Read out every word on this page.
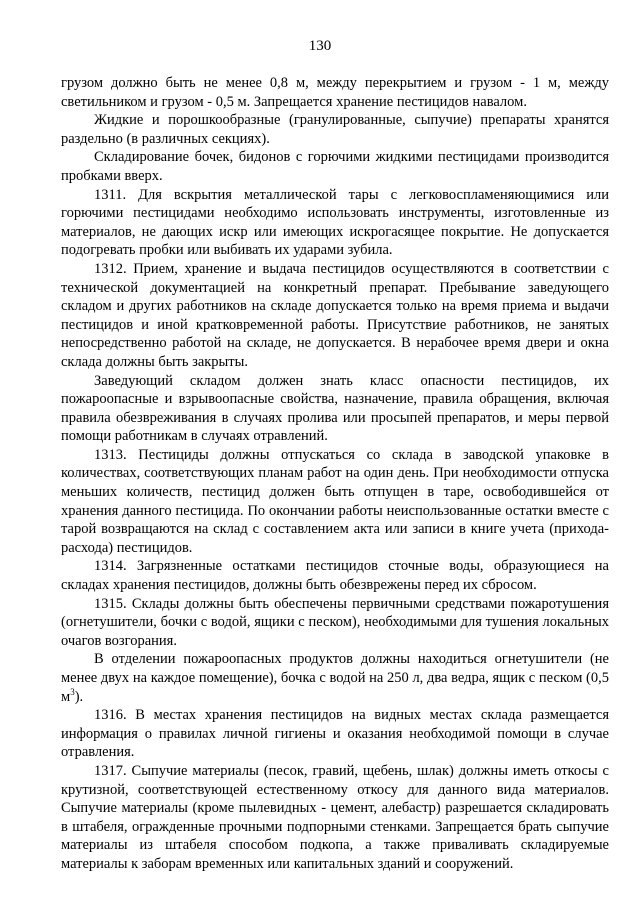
130

грузом должно быть не менее 0,8 м, между перекрытием и грузом - 1 м, между светильником и грузом - 0,5 м. Запрещается хранение пестицидов навалом.

Жидкие и порошкообразные (гранулированные, сыпучие) препараты хранятся раздельно (в различных секциях).

Складирование бочек, бидонов с горючими жидкими пестицидами производится пробками вверх.

1311. Для вскрытия металлической тары с легковоспламеняющимися или горючими пестицидами необходимо использовать инструменты, изготовленные из материалов, не дающих искр или имеющих искрогасящее покрытие. Не допускается подогревать пробки или выбивать их ударами зубила.

1312. Прием, хранение и выдача пестицидов осуществляются в соответствии с технической документацией на конкретный препарат. Пребывание заведующего складом и других работников на складе допускается только на время приема и выдачи пестицидов и иной кратковременной работы. Присутствие работников, не занятых непосредственно работой на складе, не допускается. В нерабочее время двери и окна склада должны быть закрыты.

Заведующий складом должен знать класс опасности пестицидов, их пожароопасные и взрывоопасные свойства, назначение, правила обращения, включая правила обезвреживания в случаях пролива или просыпей препаратов, и меры первой помощи работникам в случаях отравлений.

1313. Пестициды должны отпускаться со склада в заводской упаковке в количествах, соответствующих планам работ на один день. При необходимости отпуска меньших количеств, пестицид должен быть отпущен в таре, освободившейся от хранения данного пестицида. По окончании работы неиспользованные остатки вместе с тарой возвращаются на склад с составлением акта или записи в книге учета (прихода-расхода) пестицидов.

1314. Загрязненные остатками пестицидов сточные воды, образующиеся на складах хранения пестицидов, должны быть обезврежены перед их сбросом.

1315. Склады должны быть обеспечены первичными средствами пожаротушения (огнетушители, бочки с водой, ящики с песком), необходимыми для тушения локальных очагов возгорания.

В отделении пожароопасных продуктов должны находиться огнетушители (не менее двух на каждое помещение), бочка с водой на 250 л, два ведра, ящик с песком (0,5 $м^3$).

1316. В местах хранения пестицидов на видных местах склада размещается информация о правилах личной гигиены и оказания необходимой помощи в случае отравления.

1317. Сыпучие материалы (песок, гравий, щебень, шлак) должны иметь откосы с крутизной, соответствующей естественному откосу для данного вида материалов. Сыпучие материалы (кроме пылевидных - цемент, алебастр) разрешается складировать в штабеля, огражденные прочными подпорными стенками. Запрещается брать сыпучие материалы из штабеля способом подкопа, а также приваливать складируемые материалы к заборам временных или капитальных зданий и сооружений.
